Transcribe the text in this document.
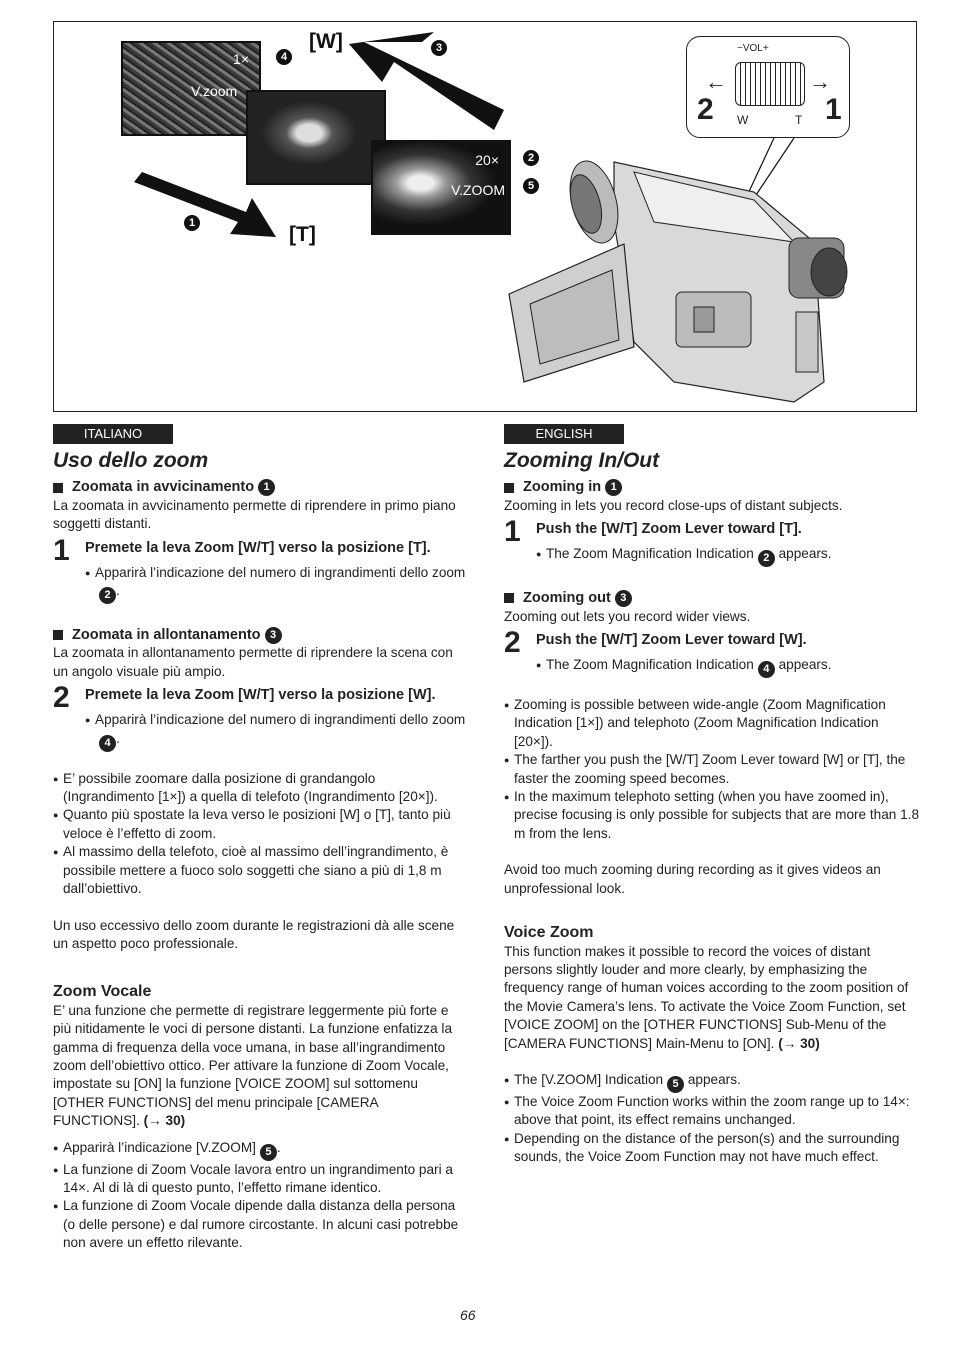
1×
V.zoom
20×
V.ZOOM
4
3
2
5
1
[W]
[T]
−VOL+
←	→
W	T
2	1
ITALIANO
Uso dello zoom
Zoomata in avvicinamento 1

La zoomata in avvicinamento permette di riprendere in primo piano soggetti distanti.

1	Premete la leva Zoom [W/T] verso la posizione [T].

● Apparirà l’indicazione del numero di ingrandimenti dello zoom2 .

Zoomata in allontanamento 3

La zoomata in allontanamento permette di riprendere la scena con un angolo visuale più ampio.

2	Premete la leva Zoom [W/T] verso la posizione [W].

● Apparirà l’indicazione del numero di ingrandimenti dello zoom4 .

● E’ possibile zoomare dalla posizione di grandangolo (Ingrandimento [1×]) a quella di telefoto (Ingrandimento [20×]).

● Quanto più spostate la leva verso le posizioni [W] o [T], tanto più veloce è l’effetto di zoom.

● Al massimo della telefoto, cioè al massimo dell’ingrandimento, è possibile mettere a fuoco solo soggetti che siano a più di 1,8 m dall’obiettivo.

Un uso eccessivo dello zoom durante le registrazioni dà alle scene un aspetto poco professionale.

Zoom Vocale

E’ una funzione che permette di registrare leggermente più forte e più nitidamente le voci di persone distanti. La funzione enfatizza la gamma di frequenza della voce umana, in base all’ingrandimento zoom dell’obiettivo ottico. Per attivare la funzione di Zoom Vocale, impostate su [ON] la funzione [VOICE ZOOM] sul sottomenu [OTHER FUNCTIONS] del menu principale [CAMERA FUNCTIONS]. (→ 30)

● Apparirà l’indicazione [V.ZOOM] 5 .

● La funzione di Zoom Vocale lavora entro un ingrandimento pari a 14×. Al di là di questo punto, l’effetto rimane identico.

● La funzione di Zoom Vocale dipende dalla distanza della persona (o delle persone) e dal rumore circostante. In alcuni casi potrebbe non avere un effetto rilevante.

ENGLISH
Zooming In/Out
Zooming in 1

Zooming in lets you record close-ups of distant subjects.

1	Push the [W/T] Zoom Lever toward [T].

● The Zoom Magnification Indication 2 appears.

Zooming out 3

Zooming out lets you record wider views.

2	Push the [W/T] Zoom Lever toward [W].

● The Zoom Magnification Indication 4 appears.

● Zooming is possible between wide-angle (Zoom Magnification Indication [1×]) and telephoto (Zoom Magnification Indication [20×]).

● The farther you push the [W/T] Zoom Lever toward [W] or [T], the faster the zooming speed becomes.

● In the maximum telephoto setting (when you have zoomed in), precise focusing is only possible for subjects that are more than 1.8 m from the lens.

Avoid too much zooming during recording as it gives videos an unprofessional look.

Voice Zoom

This function makes it possible to record the voices of distant persons slightly louder and more clearly, by emphasizing the frequency range of human voices according to the zoom position of the Movie Camera’s lens. To activate the Voice Zoom Function, set [VOICE ZOOM] on the [OTHER FUNCTIONS] Sub-Menu of the [CAMERA FUNCTIONS] Main-Menu to [ON]. (→ 30)

● The [V.ZOOM] Indication 5 appears.

● The Voice Zoom Function works within the zoom range up to 14×: above that point, its effect remains unchanged.

● Depending on the distance of the person(s) and the surrounding sounds, the Voice Zoom Function may not have much effect.

66
